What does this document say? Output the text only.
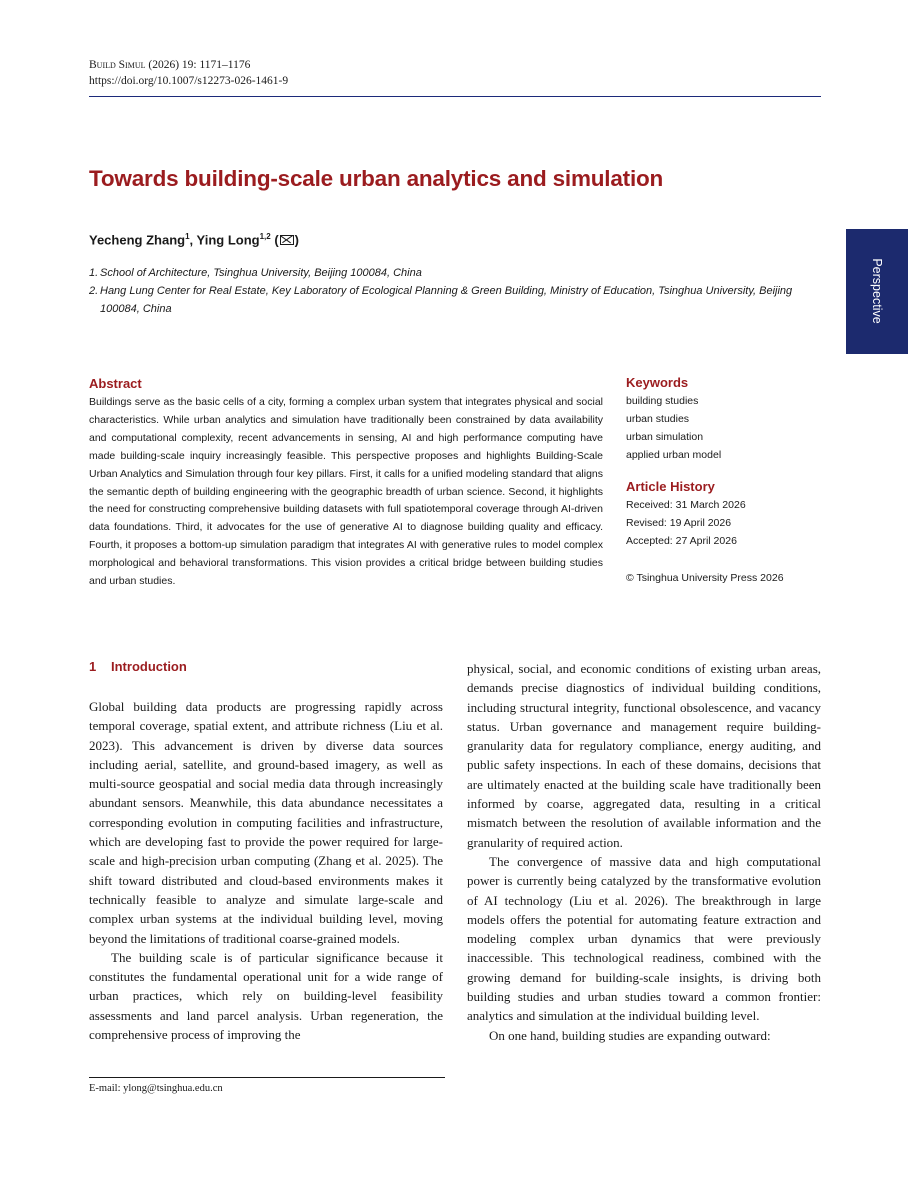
Build Simul (2026) 19: 1171–1176
https://doi.org/10.1007/s12273-026-1461-9
Towards building-scale urban analytics and simulation
Yecheng Zhang$^1$, Ying Long$^{1,2}$ ( )
1. School of Architecture, Tsinghua University, Beijing 100084, China
2. Hang Lung Center for Real Estate, Key Laboratory of Ecological Planning & Green Building, Ministry of Education, Tsinghua University, Beijing 100084, China	Perspective
Abstract
Buildings serve as the basic cells of a city, forming a complex urban system that integrates physical and social characteristics. While urban analytics and simulation have traditionally been constrained by data availability and computational complexity, recent advancements in sensing, AI and high performance computing have made building-scale inquiry increasingly feasible. This perspective proposes and highlights Building-Scale Urban Analytics and Simulation through four key pillars. First, it calls for a unified modeling standard that aligns the semantic depth of building engineering with the geographic breadth of urban science. Second, it highlights the need for constructing comprehensive building datasets with full spatiotemporal coverage through AI-driven data foundations. Third, it advocates for the use of generative AI to diagnose building quality and efficacy. Fourth, it proposes a bottom-up simulation paradigm that integrates AI with generative rules to model complex morphological and behavioral transformations. This vision provides a critical bridge between building studies and urban studies.
Keywords
building studies
urban studies
urban simulation
applied urban model
Article History
Received: 31 March 2026
Revised: 19 April 2026
Accepted: 27 April 2026
© Tsinghua University Press 2026
1 Introduction

Global building data products are progressing rapidly across temporal coverage, spatial extent, and attribute richness (Liu et al. 2023). This advancement is driven by diverse data sources including aerial, satellite, and ground-based imagery, as well as multi-source geospatial and social media data through increasingly abundant sensors. Meanwhile, this data abundance necessitates a corresponding evolution in computing facilities and infrastructure, which are developing fast to provide the power required for large-scale and high-precision urban computing (Zhang et al. 2025). The shift toward distributed and cloud-based environments makes it technically feasible to analyze and simulate large-scale and complex urban systems at the individual building level, moving beyond the limitations of traditional coarse-grained models.

The building scale is of particular significance because it constitutes the fundamental operational unit for a wide range of urban practices, which rely on building-level feasibility assessments and land parcel analysis. Urban regeneration, the comprehensive process of improving the

physical, social, and economic conditions of existing urban areas, demands precise diagnostics of individual building conditions, including structural integrity, functional obsolescence, and vacancy status. Urban governance and management require building-granularity data for regulatory compliance, energy auditing, and public safety inspections. In each of these domains, decisions that are ultimately enacted at the building scale have traditionally been informed by coarse, aggregated data, resulting in a critical mismatch between the resolution of available information and the granularity of required action.

The convergence of massive data and high computational power is currently being catalyzed by the transformative evolution of AI technology (Liu et al. 2026). The breakthrough in large models offers the potential for automating feature extraction and modeling complex urban dynamics that were previously inaccessible. This technological readiness, combined with the growing demand for building-scale insights, is driving both building studies and urban studies toward a common frontier: analytics and simulation at the individual building level.

On one hand, building studies are expanding outward:

E-mail: ylong@tsinghua.edu.cn
